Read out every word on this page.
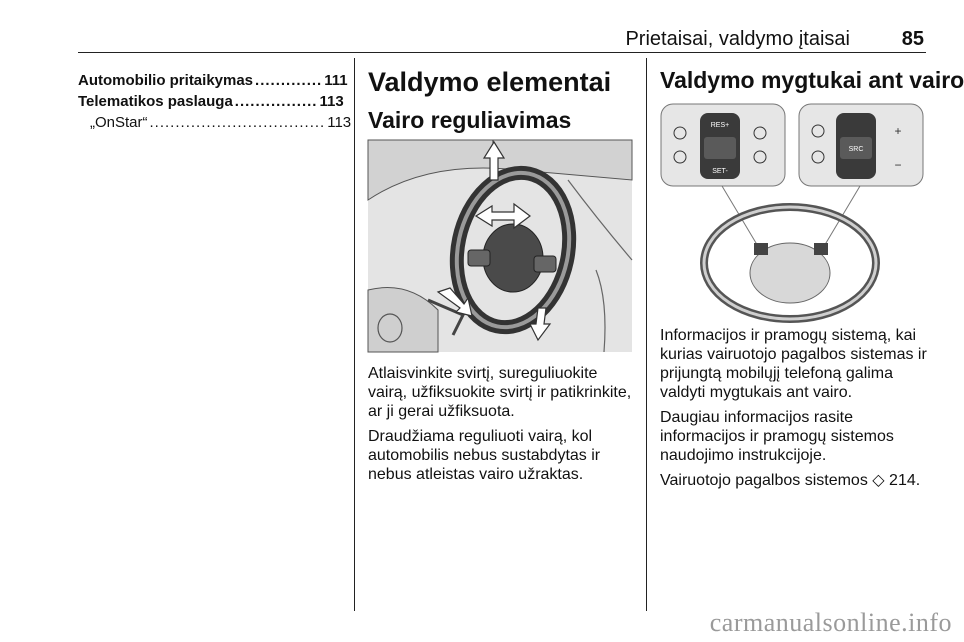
Prietaisai, valdymo įtaisai	85
Automobilio pritaikymas ............. 111
Telematikos paslauga ................ 113
„OnStar“ .................................. 113
Valdymo elementai
Vairo reguliavimas

Atlaisvinkite svirtį, sureguliuokite vairą, užfiksuokite svirtį ir patikrinkite, ar ji gerai užfiksuota.

Draudžiama reguliuoti vairą, kol automobilis nebus sustabdytas ir nebus atleistas vairo užraktas.

Valdymo mygtukai ant vairo
RES+
SET-
SRC
+
−

Informacijos ir pramogų sistemą, kai kurias vairuotojo pagalbos sistemas ir prijungtą mobilųjį telefoną galima valdyti mygtukais ant vairo.

Daugiau informacijos rasite informacijos ir pramogų sistemos naudojimo instrukcijoje.

Vairuotojo pagalbos sistemos ◇ 214.

carmanualsonline.info
